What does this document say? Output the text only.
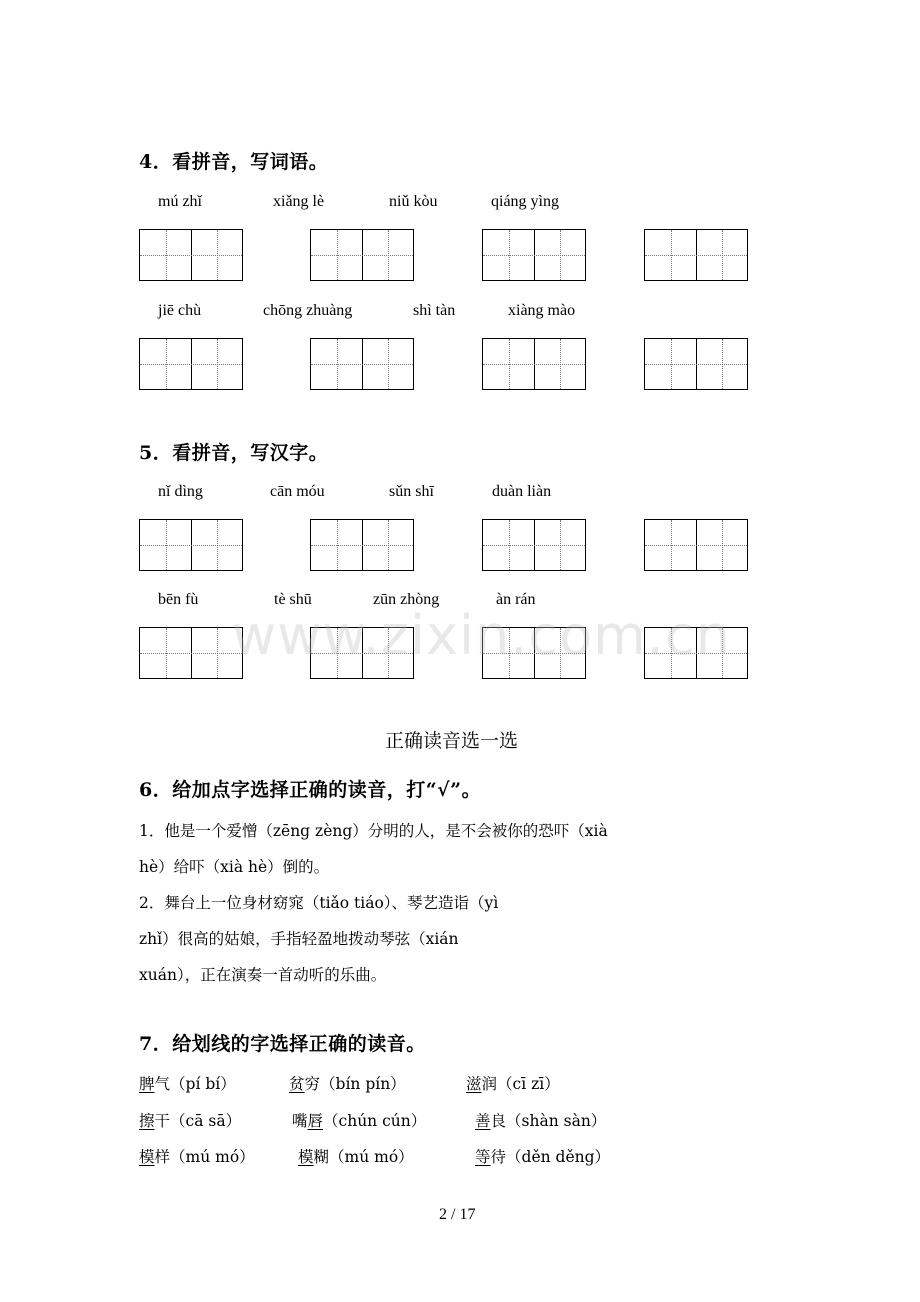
4．看拼音，写词语。
mú zhǐ	xiǎng lè	niǔ kòu	qiáng yìng
jiē chù	chōng zhuàng	shì tàn	xiàng mào
5．看拼音，写汉字。
nǐ dìng	cān móu	sǔn shī	duàn liàn
bēn fù	tè shū	zūn zhòng	àn rán
www.zixin.com.cn
正确读音选一选
6．给加点字选择正确的读音，打“√”。
1．他是一个爱憎（zēng zèng）分明的人，是不会被你的恐吓（xià
hè）给吓（xià hè）倒的。
2．舞台上一位身材窈窕（tiǎo tiáo）、琴艺造诣（yì
zhǐ）很高的姑娘，手指轻盈地拨动琴弦（xián
xuán），正在演奏一首动听的乐曲。
7．给划线的字选择正确的读音。
脾气（pí bí）	贫穷（bín pín）	滋润（cī zī）
擦干（cā sā）	嘴唇（chún cún）	善良（shàn sàn）
模样（mú mó）	模糊（mú mó）	等待（děn děng）
2 / 17
